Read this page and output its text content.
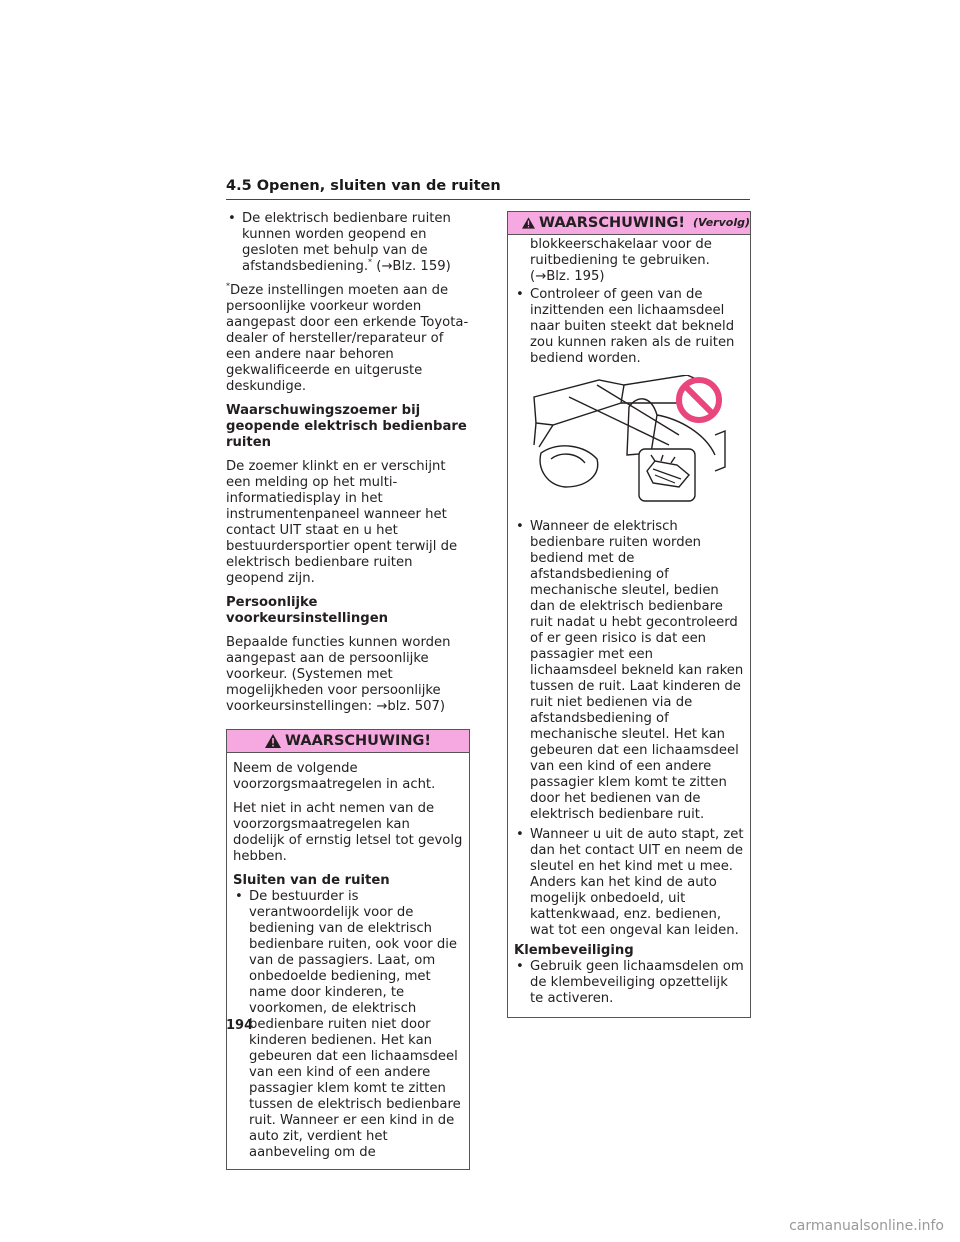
4.5 Openen, sluiten van de ruiten
• De elektrisch bedienbare ruiten kunnen worden geopend en gesloten met behulp van de afstandsbediening.* (→Blz. 159)

*Deze instellingen moeten aan de persoonlijke voorkeur worden aangepast door een erkende Toyota-dealer of hersteller/reparateur of een andere naar behoren gekwalificeerde en uitgeruste deskundige.

Waarschuwingszoemer bij geopende elektrisch bedienbare ruiten

De zoemer klinkt en er verschijnt een melding op het multi-informatiedisplay in het instrumentenpaneel wanneer het contact UIT staat en u het bestuurdersportier opent terwijl de elektrisch bedienbare ruiten geopend zijn.

Persoonlijke voorkeursinstellingen

Bepaalde functies kunnen worden aangepast aan de persoonlijke voorkeur. (Systemen met mogelijkheden voor persoonlijke voorkeursinstellingen: →blz. 507)

WAARSCHUWING!

Neem de volgende voorzorgsmaatregelen in acht.

Het niet in acht nemen van de voorzorgsmaatregelen kan dodelijk of ernstig letsel tot gevolg hebben.

Sluiten van de ruiten

• De bestuurder is verantwoordelijk voor de bediening van de elektrisch bedienbare ruiten, ook voor die van de passagiers. Laat, om onbedoelde bediening, met name door kinderen, te voorkomen, de elektrisch bedienbare ruiten niet door kinderen bedienen. Het kan gebeuren dat een lichaamsdeel van een kind of een andere passagier klem komt te zitten tussen de elektrisch bedienbare ruit. Wanneer er een kind in de auto zit, verdient het aanbeveling om de
WAARSCHUWING! (Vervolg)

blokkeerschakelaar voor de ruitbediening te gebruiken. (→Blz. 195)

• Controleer of geen van de inzittenden een lichaamsdeel naar buiten steekt dat bekneld zou kunnen raken als de ruiten bediend worden.
• Wanneer de elektrisch bedienbare ruiten worden bediend met de afstandsbediening of mechanische sleutel, bedien dan de elektrisch bedienbare ruit nadat u hebt gecontroleerd of er geen risico is dat een passagier met een lichaamsdeel bekneld kan raken tussen de ruit. Laat kinderen de ruit niet bedienen via de afstandsbediening of mechanische sleutel. Het kan gebeuren dat een lichaamsdeel van een kind of een andere passagier klem komt te zitten door het bedienen van de elektrisch bedienbare ruit.
• Wanneer u uit de auto stapt, zet dan het contact UIT en neem de sleutel en het kind met u mee. Anders kan het kind de auto mogelijk onbedoeld, uit kattenkwaad, enz. bedienen, wat tot een ongeval kan leiden.

Klembeveiliging

• Gebruik geen lichaamsdelen om de klembeveiliging opzettelijk te activeren.
194
carmanualsonline.info
